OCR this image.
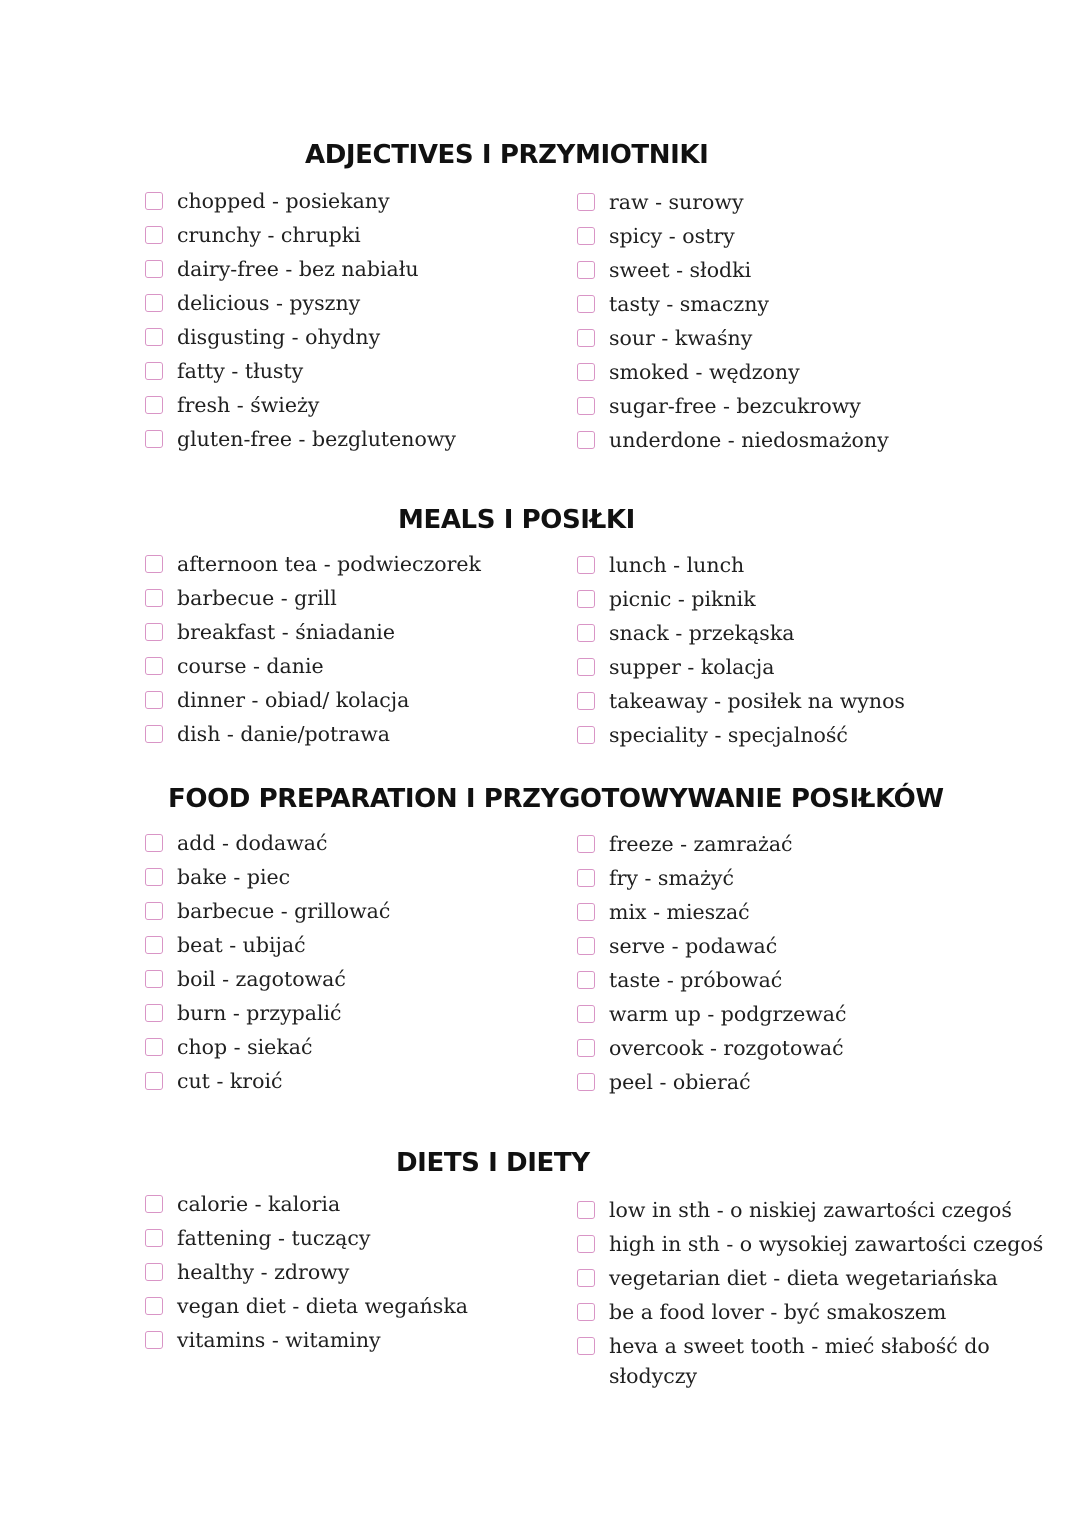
ADJECTIVES I PRZYMIOTNIKI
chopped - posiekany
crunchy - chrupki
dairy-free - bez nabiału
delicious - pyszny
disgusting - ohydny
fatty - tłusty
fresh - świeży
gluten-free - bezglutenowy
raw - surowy
spicy - ostry
sweet - słodki
tasty - smaczny
sour - kwaśny
smoked - wędzony
sugar-free - bezcukrowy
underdone - niedosmażony
MEALS I POSIŁKI
afternoon tea - podwieczorek
barbecue - grill
breakfast - śniadanie
course - danie
dinner - obiad/ kolacja
dish - danie/potrawa
lunch - lunch
picnic - piknik
snack - przekąska
supper - kolacja
takeaway - posiłek na wynos
speciality - specjalność
FOOD PREPARATION I PRZYGOTOWYWANIE POSIŁKÓW
add - dodawać
bake - piec
barbecue - grillować
beat - ubijać
boil - zagotować
burn - przypalić
chop - siekać
cut - kroić
freeze - zamrażać
fry - smażyć
mix - mieszać
serve - podawać
taste - próbować
warm up - podgrzewać
overcook - rozgotować
peel - obierać
DIETS I DIETY
calorie - kaloria
fattening - tuczący
healthy - zdrowy
vegan diet - dieta wegańska
vitamins - witaminy
low in sth - o niskiej zawartości czegoś
high in sth - o wysokiej zawartości czegoś
vegetarian diet - dieta wegetariańska
be a food lover - być smakoszem
heva a sweet tooth - mieć słabość do słodyczy
